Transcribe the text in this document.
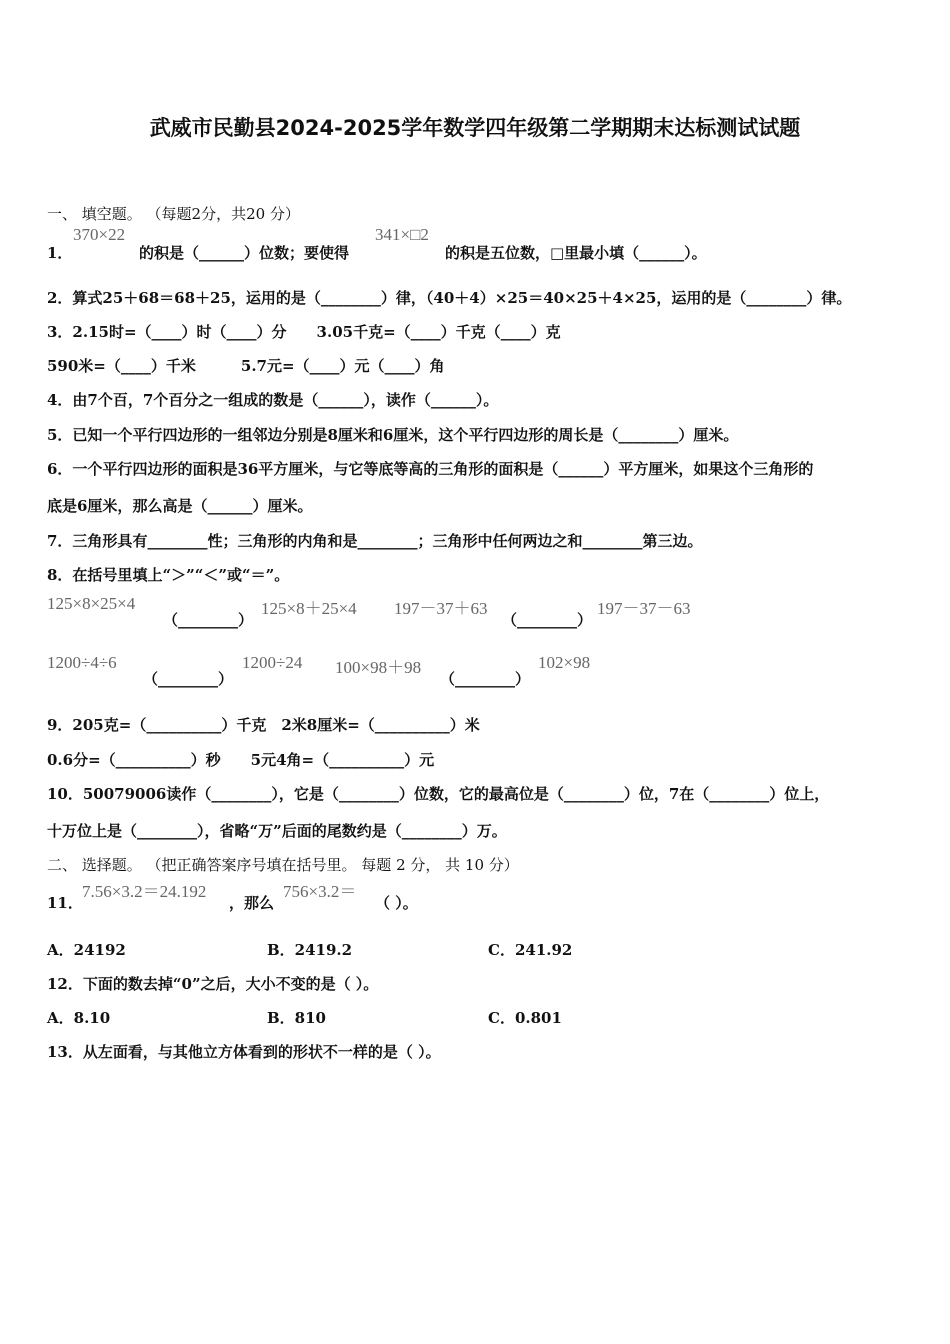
武威市民勤县2024-2025学年数学四年级第二学期期末达标测试试题
一、 填空题。 （每题2分，共20 分）
1．
370×22
的积是（______）位数；要使得
341×□2
的积是五位数，□里最小填（______）。
2．算式25＋68＝68＋25，运用的是（________）律，（40＋4）×25＝40×25＋4×25，运用的是（________）律。
3．2.15时=（____）时（____）分　　3.05千克=（____）千克（____）克
590米=（____）千米　　　5.7元=（____）元（____）角
4．由7个百，7个百分之一组成的数是（______），读作（______）。
5．已知一个平行四边形的一组邻边分别是8厘米和6厘米，这个平行四边形的周长是（________）厘米。
6．一个平行四边形的面积是36平方厘米，与它等底等高的三角形的面积是（______）平方厘米，如果这个三角形的
底是6厘米，那么高是（______）厘米。
7．三角形具有________性；三角形的内角和是________；三角形中任何两边之和________第三边。
8．在括号里填上“＞”“＜”或“＝”。
125×8×25×4
（________）
125×8＋25×4 197－37＋63
（________）
197－37－63
1200÷4÷6
（________）
1200÷24 100×98＋98
（________）
102×98
9．205克=（__________）千克　2米8厘米=（__________）米
0.6分=（__________）秒　　5元4角=（__________）元
10．50079006读作（________），它是（________）位数，它的最高位是（________）位，7在（________）位上，
十万位上是（________），省略“万”后面的尾数约是（________）万。
二、 选择题。 （把正确答案序号填在括号里。 每题 2 分， 共 10 分）
11．
7.56×3.2＝24.192
，那么
756×3.2＝
（ ）。
A．24192	B．2419.2	C．241.92
12．下面的数去掉“0”之后，大小不变的是（ ）。
A．8.10	B．810	C．0.801
13．从左面看，与其他立方体看到的形状不一样的是（ ）。
